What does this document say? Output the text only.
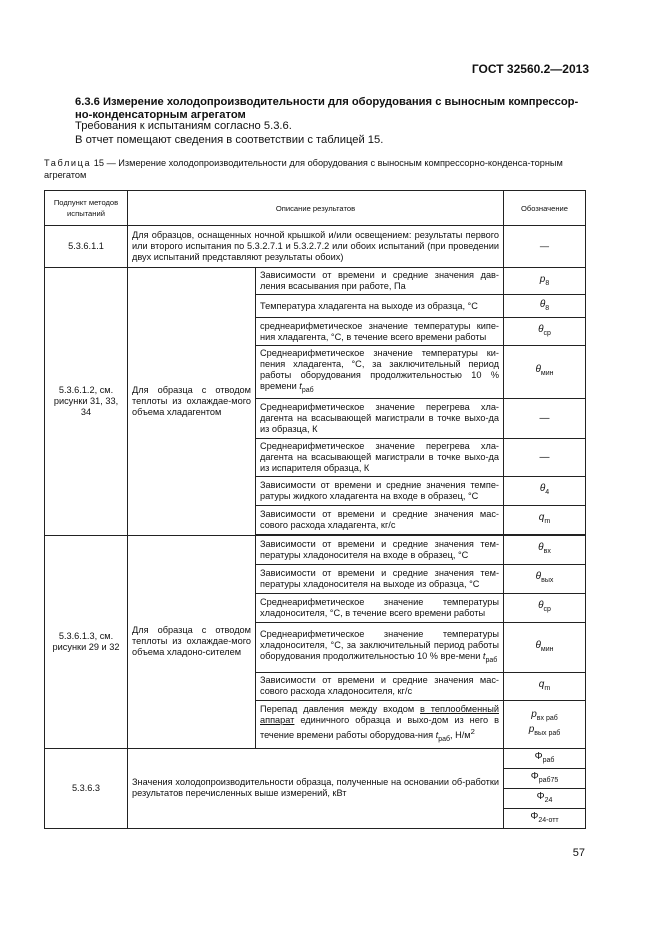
ГОСТ 32560.2—2013
6.3.6 Измерение холодопроизводительности для оборудования с выносным компрессор-но-конденсаторным агрегатом
Требования к испытаниям согласно 5.3.6.
В отчет помещают сведения в соответствии с таблицей 15.
Таблица 15 — Измерение холодопроизводительности для оборудования с выносным компрессорно-конденса-торным агрегатом
Подпункт методов испытаний	Описание результатов		Обозначение
5.3.6.1.1	Для образцов, оснащенных ночной крышкой и/или освещением: результаты первого или второго испытания по 5.3.2.7.1 и 5.3.2.7.2 или обоих испытаний (при проведении двух испытаний представляют результаты обоих)		—
5.3.6.1.2, см. рисунки 31, 33, 34	Для образца с отводом теплоты из охлаждае-мого объема хладагентом	Зависимости от времени и средние значения дав-ления всасывания при работе, Па	$p_8$
		Температура хладагента на выходе из образца, °С	$\theta_8$
		среднеарифметическое значение температуры кипе-ния хладагента, °С, в течение всего времени работы	$\theta_{ср}$
		Среднеарифметическое значение температуры ки-пения хладагента, °С, за заключительный период работы оборудования продолжительностью 10 % времени $t_{раб}$	$\theta_{мин}$
		Среднеарифметическое значение перегрева хла-дагента на всасывающей магистрали в точке выхо-да из образца, К	—
		Среднеарифметическое значение перегрева хла-дагента на всасывающей магистрали в точке выхо-да из испарителя образца, К	—
		Зависимости от времени и средние значения темпе-ратуры жидкого хладагента на входе в образец, °С	$\theta_4$
		Зависимости от времени и средние значения мас-сового расхода хладагента, кг/с	$q_m$

5.3.6.1.3, см. рисунки 29 и 32	Для образца с отводом теплоты из охлаждае-мого объема хладоно-сителем	Зависимости от времени и средние значения тем-пературы хладоносителя на входе в образец, °С	$\theta_{вх}$
		Зависимости от времени и средние значения тем-пературы хладоносителя на выходе из образца, °С	$\theta_{вых}$
		Среднеарифметическое значение температуры хладоносителя, °С, в течение всего времени работы	$\theta_{ср}$
		Среднеарифметическое значение температуры хладоносителя, °С, за заключительный период работы оборудования продолжительностью 10 % вре-мени $t_{раб}$	$\theta_{мин}$
		Зависимости от времени и средние значения мас-сового расхода хладоносителя, кг/с	$q_m$
		Перепад давления между входом в теплообменный аппарат единичного образца и выхо-дом из него в течение времени работы оборудова-ния $t_{раб}$, $Н/м^2$	$p_{вх раб}$
$p_{вых раб}$

5.3.6.3	Значения холодопроизводительности образца, полученные на основании об-работки результатов перечисленных выше измерений, кВт		$\Phi_{раб}$
			$\Phi_{раб75}$
			$\Phi_{24}$
			$\Phi_{24-отт}$
57
